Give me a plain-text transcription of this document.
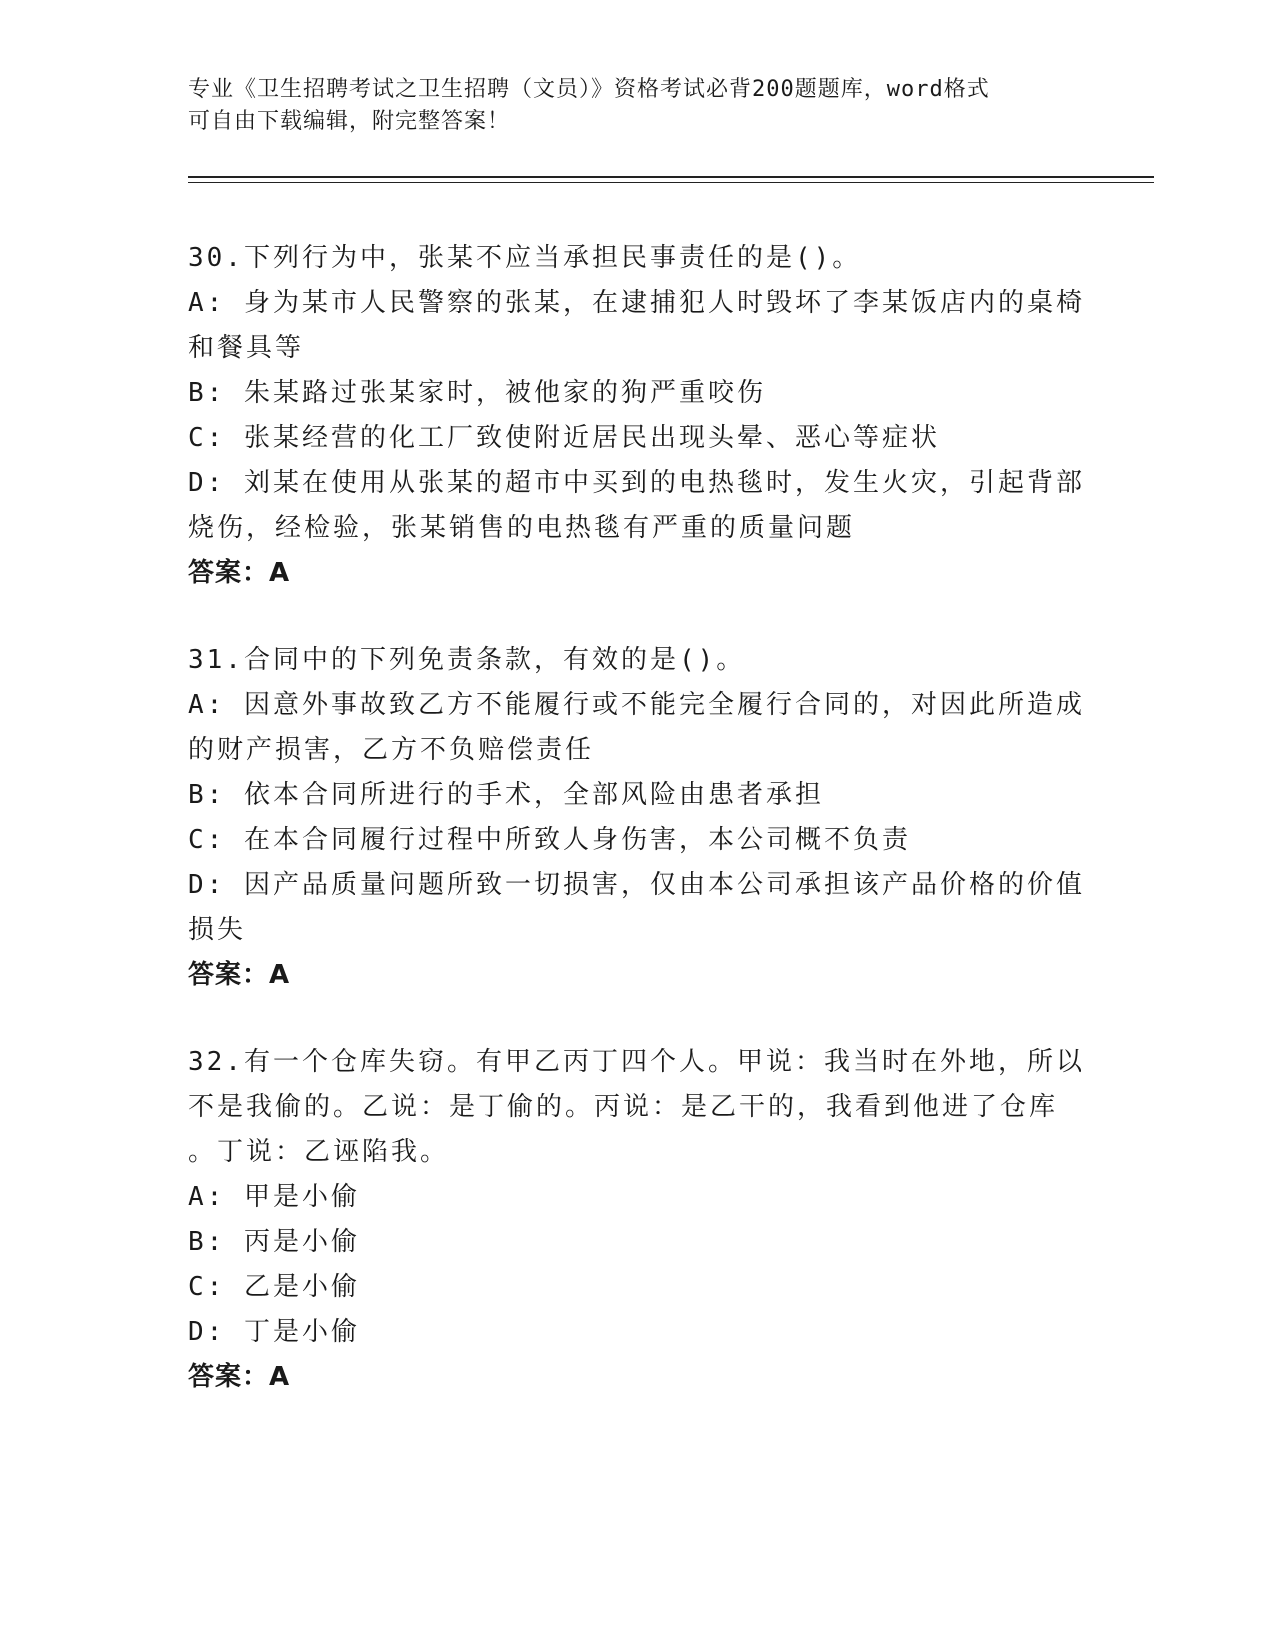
专业《卫生招聘考试之卫生招聘（文员）》资格考试必背200题题库，word格式
可自由下载编辑，附完整答案！
30.下列行为中，张某不应当承担民事责任的是()。
A: 身为某市人民警察的张某，在逮捕犯人时毁坏了李某饭店内的桌椅
和餐具等
B: 朱某路过张某家时，被他家的狗严重咬伤
C: 张某经营的化工厂致使附近居民出现头晕、恶心等症状
D: 刘某在使用从张某的超市中买到的电热毯时，发生火灾，引起背部
烧伤，经检验，张某销售的电热毯有严重的质量问题
答案：A
31.合同中的下列免责条款，有效的是()。
A: 因意外事故致乙方不能履行或不能完全履行合同的，对因此所造成
的财产损害，乙方不负赔偿责任
B: 依本合同所进行的手术，全部风险由患者承担
C: 在本合同履行过程中所致人身伤害，本公司概不负责
D: 因产品质量问题所致一切损害，仅由本公司承担该产品价格的价值
损失
答案：A
32.有一个仓库失窃。有甲乙丙丁四个人。甲说：我当时在外地，所以
不是我偷的。乙说：是丁偷的。丙说：是乙干的，我看到他进了仓库
。丁说：乙诬陷我。
A: 甲是小偷
B: 丙是小偷
C: 乙是小偷
D: 丁是小偷
答案：A
